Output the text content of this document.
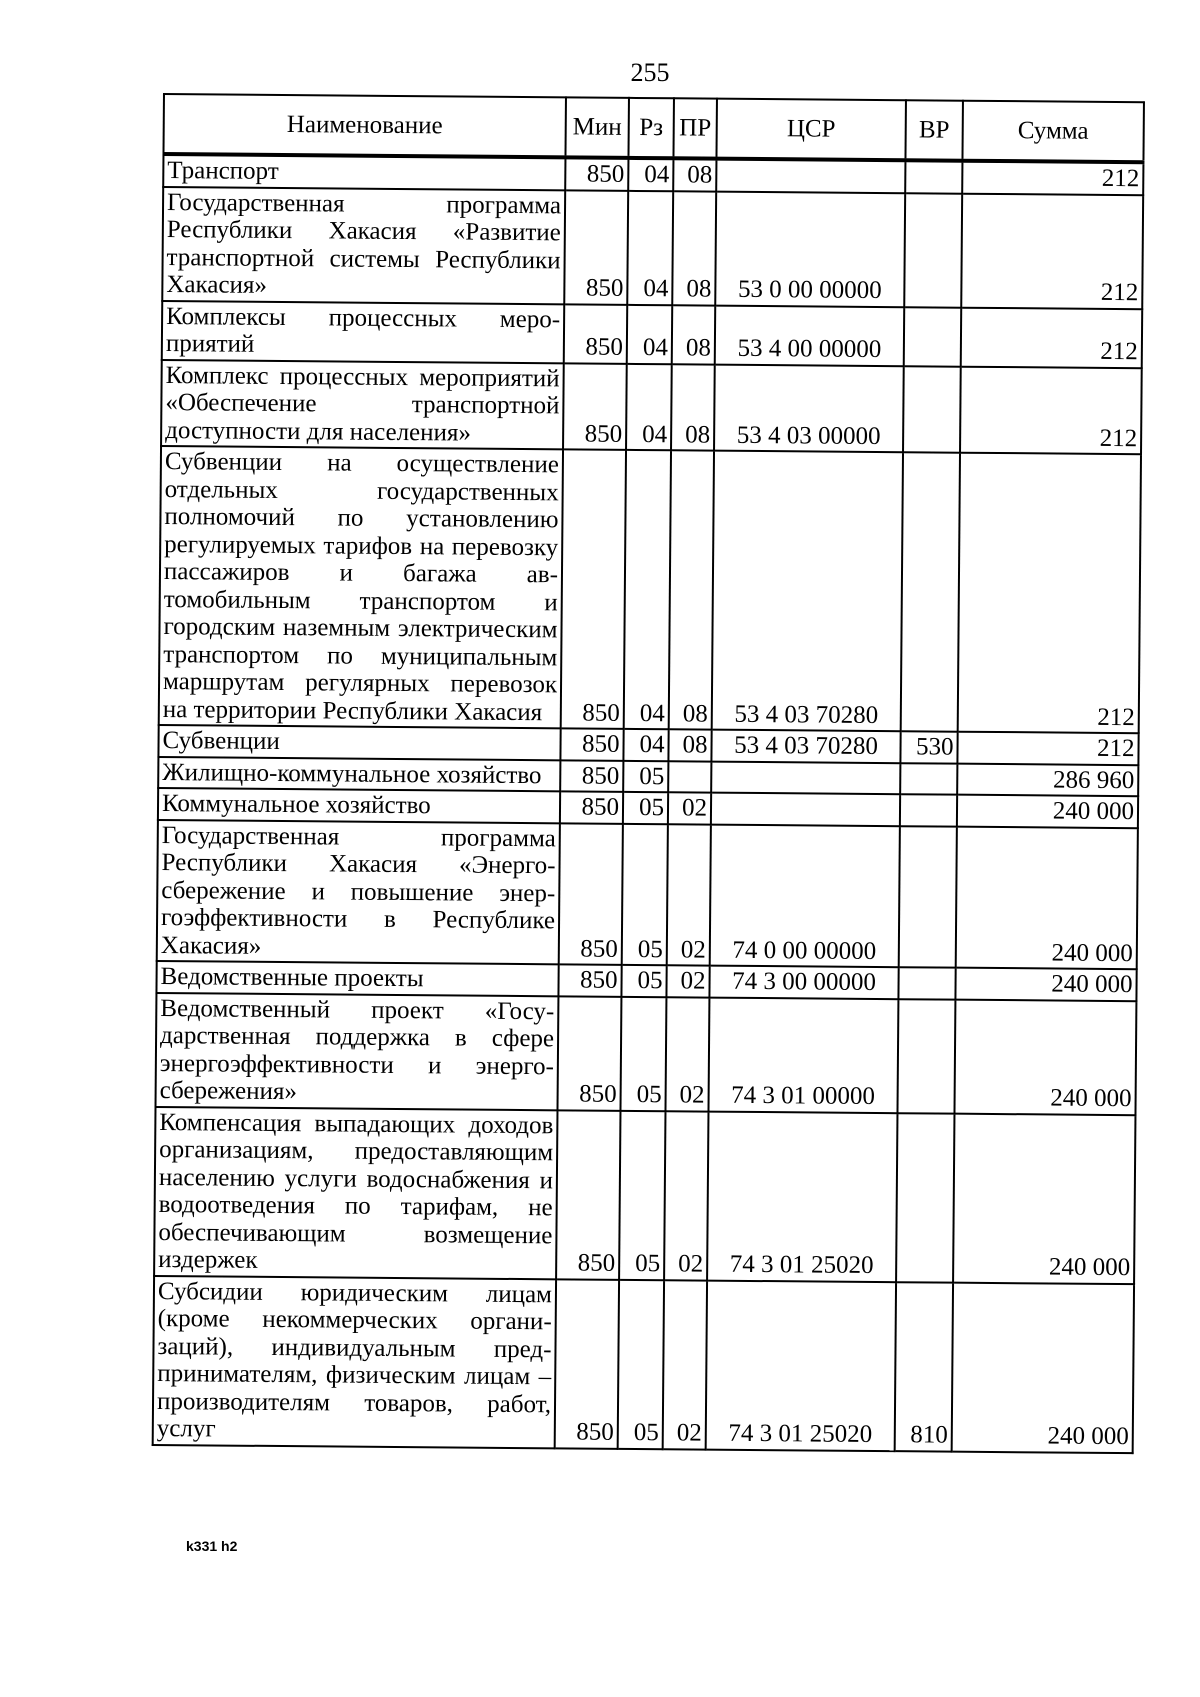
255
Наименование	Мин	Рз	ПР	ЦСР	ВР	Сумма
Транспорт	850	04	08			212
Государственная программа Республики Хакасия «Развитие транспортной системы Республики Хакасия»	850	04	08	53 0 00 00000		212
Комплексы процессных мероприятий	850	04	08	53 4 00 00000		212
Комплекс процессных мероприятий «Обеспечение транспортной доступности для населения»	850	04	08	53 4 03 00000		212
Субвенции на осуществление отдельных государственных полномочий по установлению регулируемых тарифов на перевозку пассажиров и багажа автомобильным транспортом и городским наземным электрическим транспортом по муниципальным маршрутам регулярных перевозок на территории Республики Хакасия	850	04	08	53 4 03 70280		212
Субвенции	850	04	08	53 4 03 70280	530	212
Жилищно-коммунальное хозяйство	850	05				286 960
Коммунальное хозяйство	850	05	02			240 000
Государственная программа Республики Хакасия «Энергосбережение и повышение энергоэффективности в Республике Хакасия»	850	05	02	74 0 00 00000		240 000
Ведомственные проекты	850	05	02	74 3 00 00000		240 000
Ведомственный проект «Государственная поддержка в сфере энергоэффективности и энергосбережения»	850	05	02	74 3 01 00000		240 000
Компенсация выпадающих доходов организациям, предоставляющим населению услуги водоснабжения и водоотведения по тарифам, не обеспечивающим возмещение издержек	850	05	02	74 3 01 25020		240 000
Субсидии юридическим лицам (кроме некоммерческих организаций), индивидуальным предпринимателям, физическим лицам – производителям товаров, работ, услуг	850	05	02	74 3 01 25020	810	240 000
k331 h2
